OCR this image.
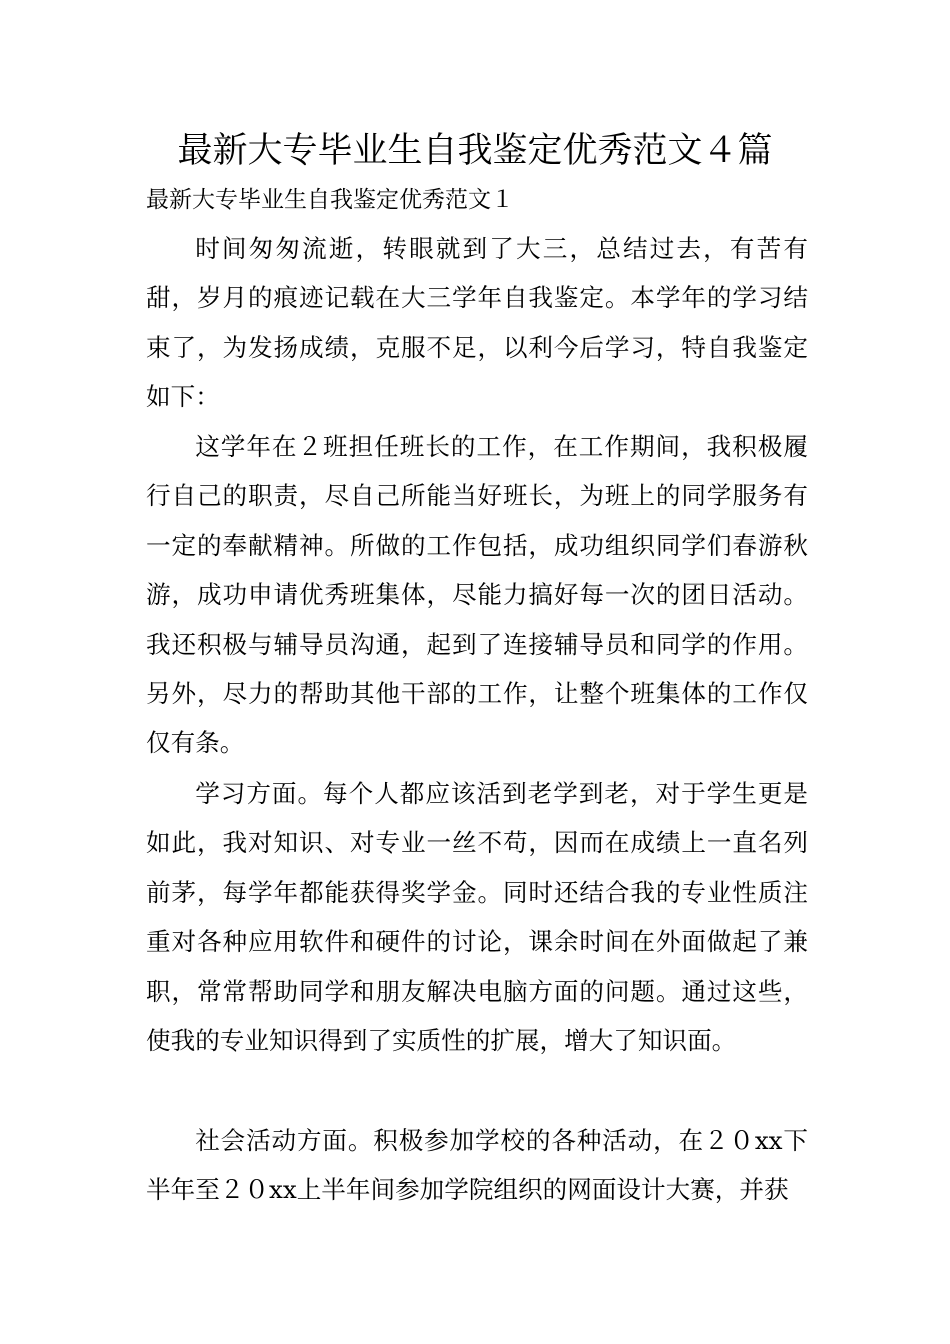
最新大专毕业生自我鉴定优秀范文４篇

最新大专毕业生自我鉴定优秀范文１

时间匆匆流逝，转眼就到了大三，总结过去，有苦有甜，岁月的痕迹记载在大三学年自我鉴定。本学年的学习结束了，为发扬成绩，克服不足，以利今后学习，特自我鉴定如下：

这学年在２班担任班长的工作，在工作期间，我积极履行自己的职责，尽自己所能当好班长，为班上的同学服务有一定的奉献精神。所做的工作包括，成功组织同学们春游秋游，成功申请优秀班集体，尽能力搞好每一次的团日活动。我还积极与辅导员沟通，起到了连接辅导员和同学的作用。另外，尽力的帮助其他干部的工作，让整个班集体的工作仅仅有条。

学习方面。每个人都应该活到老学到老，对于学生更是如此，我对知识、对专业一丝不苟，因而在成绩上一直名列前茅，每学年都能获得奖学金。同时还结合我的专业性质注重对各种应用软件和硬件的讨论，课余时间在外面做起了兼职，常常帮助同学和朋友解决电脑方面的问题。通过这些，使我的专业知识得到了实质性的扩展，增大了知识面。

社会活动方面。积极参加学校的各种活动，在２０xx下半年至２０xx上半年间参加学院组织的网面设计大赛，并获
